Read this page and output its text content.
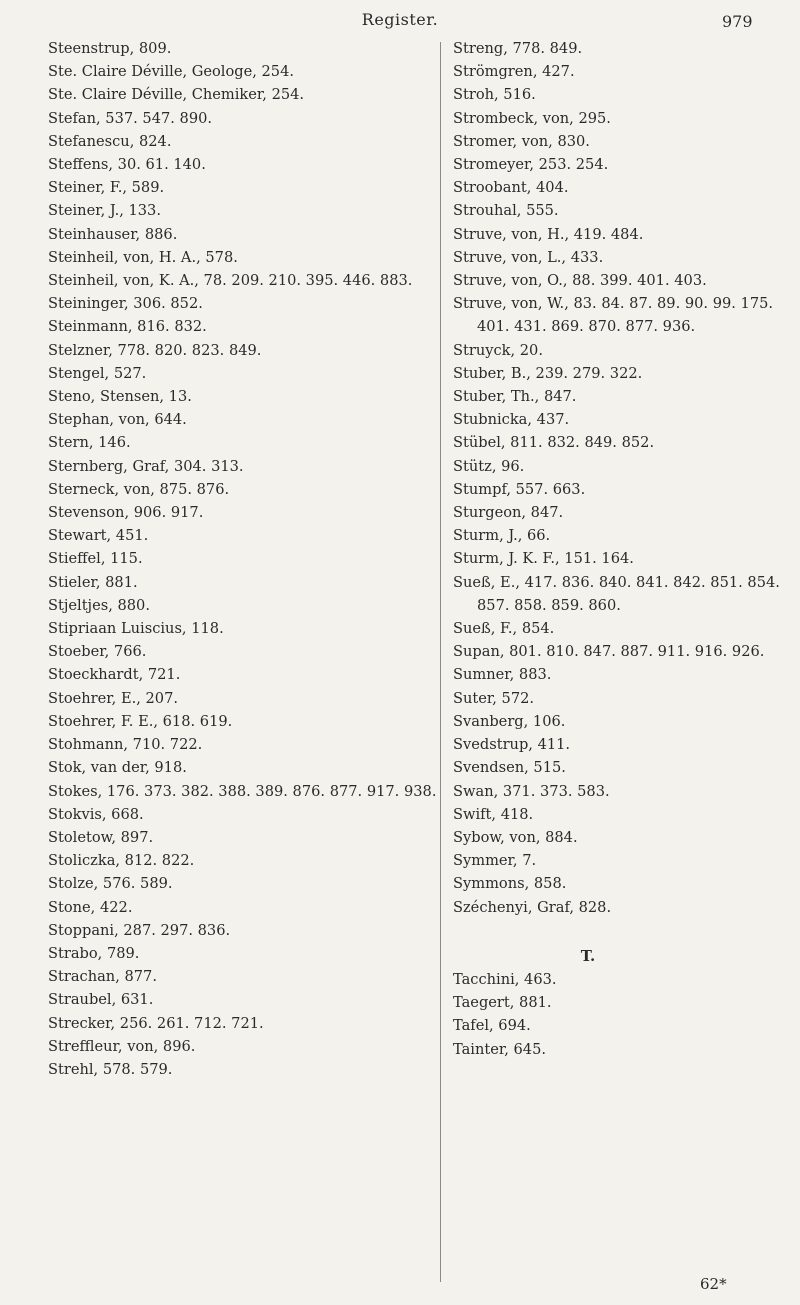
Register.	979
Steenstrup, 809.
Ste. Claire Déville, Geologe, 254.
Ste. Claire Déville, Chemiker, 254.
Stefan, 537. 547. 890.
Stefanescu, 824.
Steffens, 30. 61. 140.
Steiner, F., 589.
Steiner, J., 133.
Steinhauser, 886.
Steinheil, von, H. A., 578.
Steinheil, von, K. A., 78. 209. 210. 395. 446. 883.
Steininger, 306. 852.
Steinmann, 816. 832.
Stelzner, 778. 820. 823. 849.
Stengel, 527.
Steno, Stensen, 13.
Stephan, von, 644.
Stern, 146.
Sternberg, Graf, 304. 313.
Sterneck, von, 875. 876.
Stevenson, 906. 917.
Stewart, 451.
Stieffel, 115.
Stieler, 881.
Stjeltjes, 880.
Stipriaan Luiscius, 118.
Stoeber, 766.
Stoeckhardt, 721.
Stoehrer, E., 207.
Stoehrer, F. E., 618. 619.
Stohmann, 710. 722.
Stok, van der, 918.
Stokes, 176. 373. 382. 388. 389. 876. 877. 917. 938.
Stokvis, 668.
Stoletow, 897.
Stoliczka, 812. 822.
Stolze, 576. 589.
Stone, 422.
Stoppani, 287. 297. 836.
Strabo, 789.
Strachan, 877.
Straubel, 631.
Strecker, 256. 261. 712. 721.
Streffleur, von, 896.
Strehl, 578. 579.
Streng, 778. 849.
Strömgren, 427.
Stroh, 516.
Strombeck, von, 295.
Stromer, von, 830.
Stromeyer, 253. 254.
Stroobant, 404.
Strouhal, 555.
Struve, von, H., 419. 484.
Struve, von, L., 433.
Struve, von, O., 88. 399. 401. 403.
Struve, von, W., 83. 84. 87. 89. 90. 99. 175. 401. 431. 869. 870. 877. 936.
Struyck, 20.
Stuber, B., 239. 279. 322.
Stuber, Th., 847.
Stubnicka, 437.
Stübel, 811. 832. 849. 852.
Stütz, 96.
Stumpf, 557. 663.
Sturgeon, 847.
Sturm, J., 66.
Sturm, J. K. F., 151. 164.
Sueß, E., 417. 836. 840. 841. 842. 851. 854. 857. 858. 859. 860.
Sueß, F., 854.
Supan, 801. 810. 847. 887. 911. 916. 926.
Sumner, 883.
Suter, 572.
Svanberg, 106.
Svedstrup, 411.
Svendsen, 515.
Swan, 371. 373. 583.
Swift, 418.
Sybow, von, 884.
Symmer, 7.
Symmons, 858.
Széchenyi, Graf, 828.
T.
Tacchini, 463.
Taegert, 881.
Tafel, 694.
Tainter, 645.
62*
